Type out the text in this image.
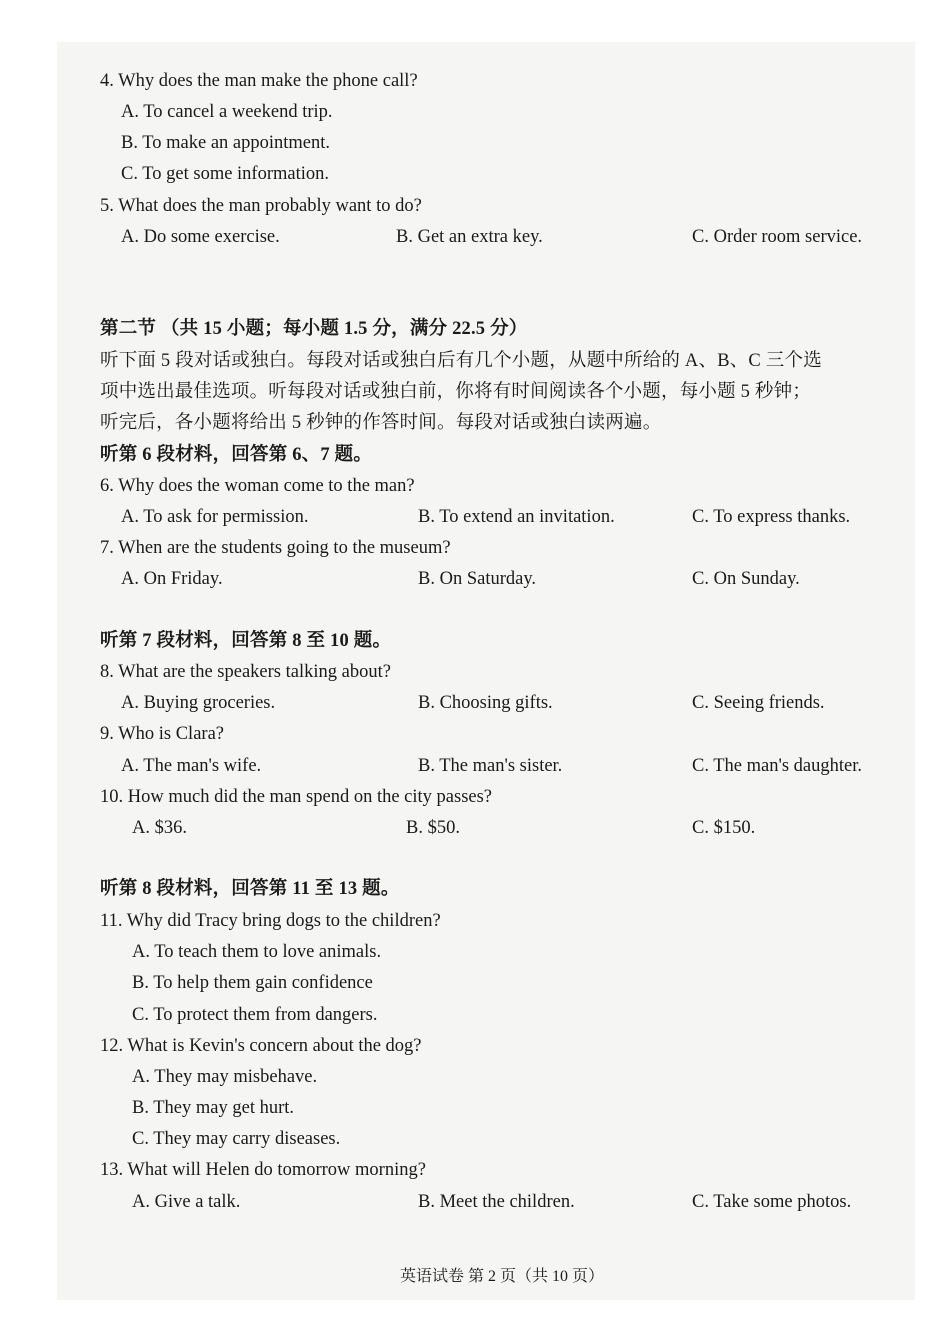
4. Why does the man make the phone call?
A. To cancel a weekend trip.
B. To make an appointment.
C. To get some information.
5. What does the man probably want to do?
A. Do some exercise.	B. Get an extra key.	C. Order room service.
第二节 （共 15 小题；每小题 1.5 分，满分 22.5 分）
听下面 5 段对话或独白。每段对话或独白后有几个小题，从题中所给的 A、B、C 三个选
项中选出最佳选项。听每段对话或独白前，你将有时间阅读各个小题，每小题 5 秒钟；
听完后，各小题将给出 5 秒钟的作答时间。每段对话或独白读两遍。
听第 6 段材料，回答第 6、7 题。
6. Why does the woman come to the man?
A. To ask for permission.	B. To extend an invitation.	C. To express thanks.
7. When are the students going to the museum?
A. On Friday.	B. On Saturday.	C. On Sunday.
听第 7 段材料，回答第 8 至 10 题。
8. What are the speakers talking about?
A. Buying groceries.	B. Choosing gifts.	C. Seeing friends.
9. Who is Clara?
A. The man's wife.	B. The man's sister.	C. The man's daughter.
10. How much did the man spend on the city passes?
A. $36.	B. $50.	C. $150.
听第 8 段材料，回答第 11 至 13 题。
11. Why did Tracy bring dogs to the children?
A. To teach them to love animals.
B. To help them gain confidence
C. To protect them from dangers.
12. What is Kevin's concern about the dog?
A. They may misbehave.
B. They may get hurt.
C. They may carry diseases.
13. What will Helen do tomorrow morning?
A. Give a talk.	B. Meet the children.	C. Take some photos.
英语试卷 第 2 页（共 10 页）
